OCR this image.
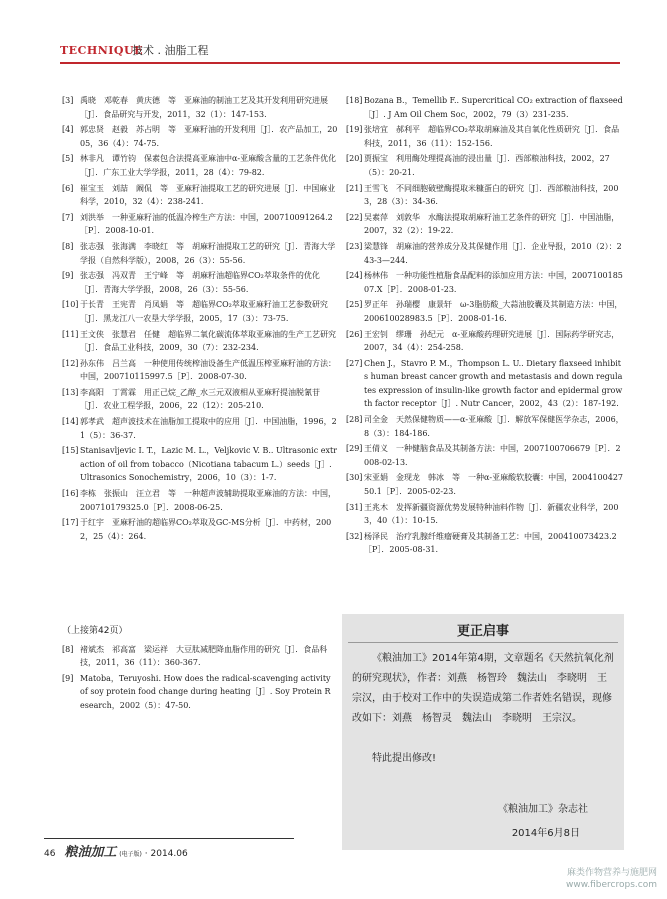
TECHNIQUE
技术 . 油脂工程
[3] 禹晓　邓乾春　黄庆德　等　亚麻油的制油工艺及其开发利用研究进展［J］．食品研究与开发，2011，32（1）：147-153.
[4] 郭忠贤　赵毅　苏占明　等　亚麻籽油的开发利用［J］．农产品加工，2005，36（4）：74-75.
[5] 林非凡　谭竹钧　保素包合法提高亚麻油中α-亚麻酸含量的工艺条件优化［J］．广东工业大学学报，2011，28（4）：79-82.
[6] 崔宝玉　刘喆　阚侃　等　亚麻籽油提取工艺的研究进展［J］．中国麻业科学，2010，32（4）：238-241.
[7] 刘洪举　一种亚麻籽油的低温冷榨生产方法：中国，200710091264.2［P］．2008-10-01.
[8] 张志强　张海满　李晓红　等　胡麻籽油提取工艺的研究［J］．青海大学学报（自然科学版），2008，26（3）：55-56.
[9] 张志强　冯双青　王宁峰　等　胡麻籽油超临界CO₂萃取条件的优化［J］．青海大学学报，2008，26（3）：55-56.
[10] 于长青　王宪青　肖凤娟　等　超临界CO₂萃取亚麻籽油工艺参数研究［J］．黑龙江八一农垦大学学报，2005，17（3）：73-75.
[11] 王文侠　张慧君　任健　超临界二氧化碳流体萃取亚麻油的生产工艺研究［J］．食品工业科技，2009，30（7）：232-234.
[12] 孙东伟　吕兰高　一种使用传统榨油设备生产低温压榨亚麻籽油的方法：中国，200710115997.5［P］．2008-07-30.
[13] 李高阳　丁霄霖　用正己烷_乙醇_水三元双液相从亚麻籽提油脱氰苷［J］．农业工程学报，2006，22（12）：205-210.
[14] 郭孝武　超声波技术在油脂加工提取中的应用［J］．中国油脂，1996，21（5）：36-37.
[15] Stanisavljevic I. T.，Lazic M. L.，Veljkovic V. B.. Ultrasonic extraction of oil from tobacco（Nicotiana tabacum L.）seeds［J］. Ultrasonics Sonochemistry，2006，10（3）：1-7.
[16] 李栋　张振山　汪立君　等　一种超声波辅助提取亚麻油的方法：中国，200710179325.0［P］．2008-06-25.
[17] 于红宇　亚麻籽油的超临界CO₂萃取及GC-MS分析［J］．中药材，2002，25（4）：264.
[18] Bozana B.，Temellib F.. Supercritical CO₂ extraction of flaxseed［J］. J Am Oil Chem Soc，2002，79（3）231-235.
[19] 张培宜　郝利平　超临界CO₂萃取胡麻油及其自氧化性质研究［J］．食品科技，2011，36（11）：152-156.
[20] 贾振宝　利用酶处理提高油的浸出量［J］．西部粮油科技，2002，27（5）：20-21.
[21] 王雪飞　不同细胞破壁酶提取米糠蛋白的研究［J］．西部粮油科技，2003，28（3）：34-36.
[22] 吴素萍　刘敦华　水酶法提取胡麻籽油工艺条件的研究［J］．中国油脂，2007，32（2）：19-22.
[23] 梁慧锋　胡麻油的营养成分及其保健作用［J］．企业导报，2010（2）：243-3—244.
[24] 杨林伟　一种功能性植脂食品配料的添加应用方法：中国，200710018507.X［P］．2008-01-23.
[25] 罗正年　孙瑞樱　康景轩　ω-3脂肪酸_大蒜油胶囊及其制造方法：中国，200610028983.5［P］．2008-01-16.
[26] 王宏钊　缪珊　孙纪元　α-亚麻酸药理研究进展［J］．国际药学研究志，2007，34（4）：254-258.
[27] Chen J.，Stavro P. M.，Thompson L. U.. Dietary flaxseed inhibits human breast cancer growth and metastasis and down regulates expression of insulin-like growth factor and epidermal growth factor receptor［J］. Nutr Cancer，2002，43（2）：187-192.
[28] 司全金　天然保健物质——α-亚麻酸［J］．解放军保健医学杂志，2006，8（3）：184-186.
[29] 王倩义　一种健脑食品及其制备方法：中国，2007100706679［P］．2008-02-13.
[30] 宋亚娟　金现龙　韩冰　等　一种α-亚麻酸软胶囊：中国，200410042750.1［P］．2005-02-23.
[31] 王兆木　发挥新疆资源优势发展特种油料作物［J］．新疆农业科学，2003，40（1）：10-15.
[32] 杨泽民　治疗乳腺纤维瘤硬膏及其制备工艺：中国，200410073423.2［P］．2005-08-31.
（上接第42页）
[8] 褚斌杰　祁高富　梁运祥　大豆肽减肥降血脂作用的研究［J］．食品科技，2011，36（11）：360-367.
[9] Matoba，Teruyoshi. How does the radical-scavenging activity of soy protein food change during heating［J］. Soy Protein Research，2002（5）：47-50.
更正启事
《粮油加工》2014年第4期，文章题名《天然抗氧化剂的研究现状》，作者：刘燕　杨智玲　魏法山　李晓明　王宗汉，由于校对工作中的失误造成第二作者姓名错误，现修改如下：刘燕　杨智灵　魏法山　李晓明　王宗汉。
特此提出修改!
《粮油加工》杂志社
2014年6月8日
46 粮油加工 (电子版) · 2014.06
麻类作物营养与施肥网
www.fibercrops.com
